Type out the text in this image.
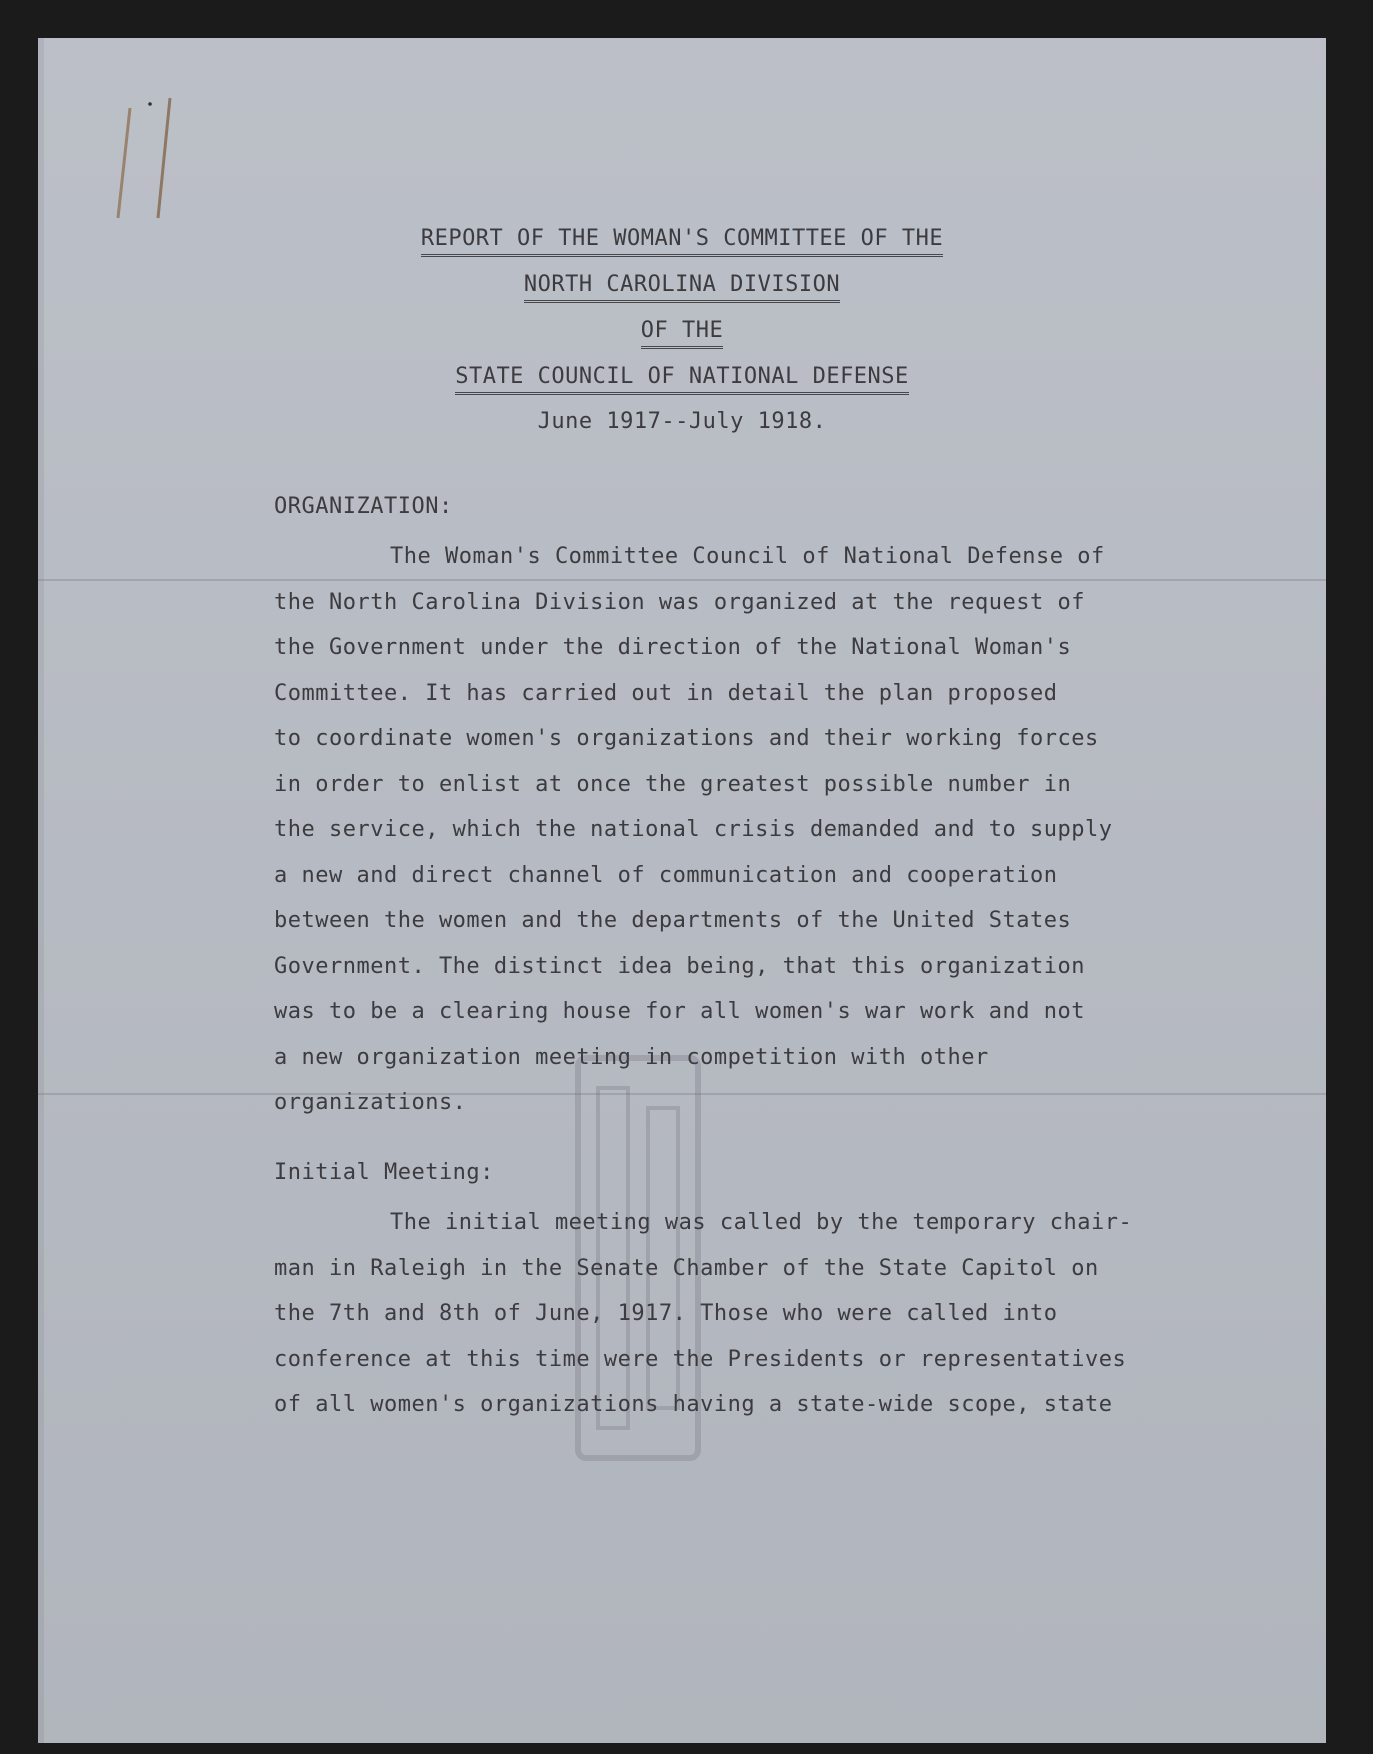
REPORT OF THE WOMAN'S COMMITTEE OF THE
NORTH CAROLINA DIVISION
OF THE
STATE COUNCIL OF NATIONAL DEFENSE
June 1917--July 1918.
ORGANIZATION:
The Woman's Committee Council of National Defense of
the North Carolina Division was organized at the request of
the Government under the direction of the National Woman's
Committee. It has carried out in detail the plan proposed
to coordinate women's organizations and their working forces
in order to enlist at once the greatest possible number in
the service, which the national crisis demanded and to supply
a new and direct channel of communication and cooperation
between the women and the departments of the United States
Government. The distinct idea being, that this organization
was to be a clearing house for all women's war work and not
a new organization meeting in competition with other
organizations.
Initial Meeting:
The initial meeting was called by the temporary chair-
man in Raleigh in the Senate Chamber of the State Capitol on
the 7th and 8th of June, 1917. Those who were called into
conference at this time were the Presidents or representatives
of all women's organizations having a state-wide scope, state
